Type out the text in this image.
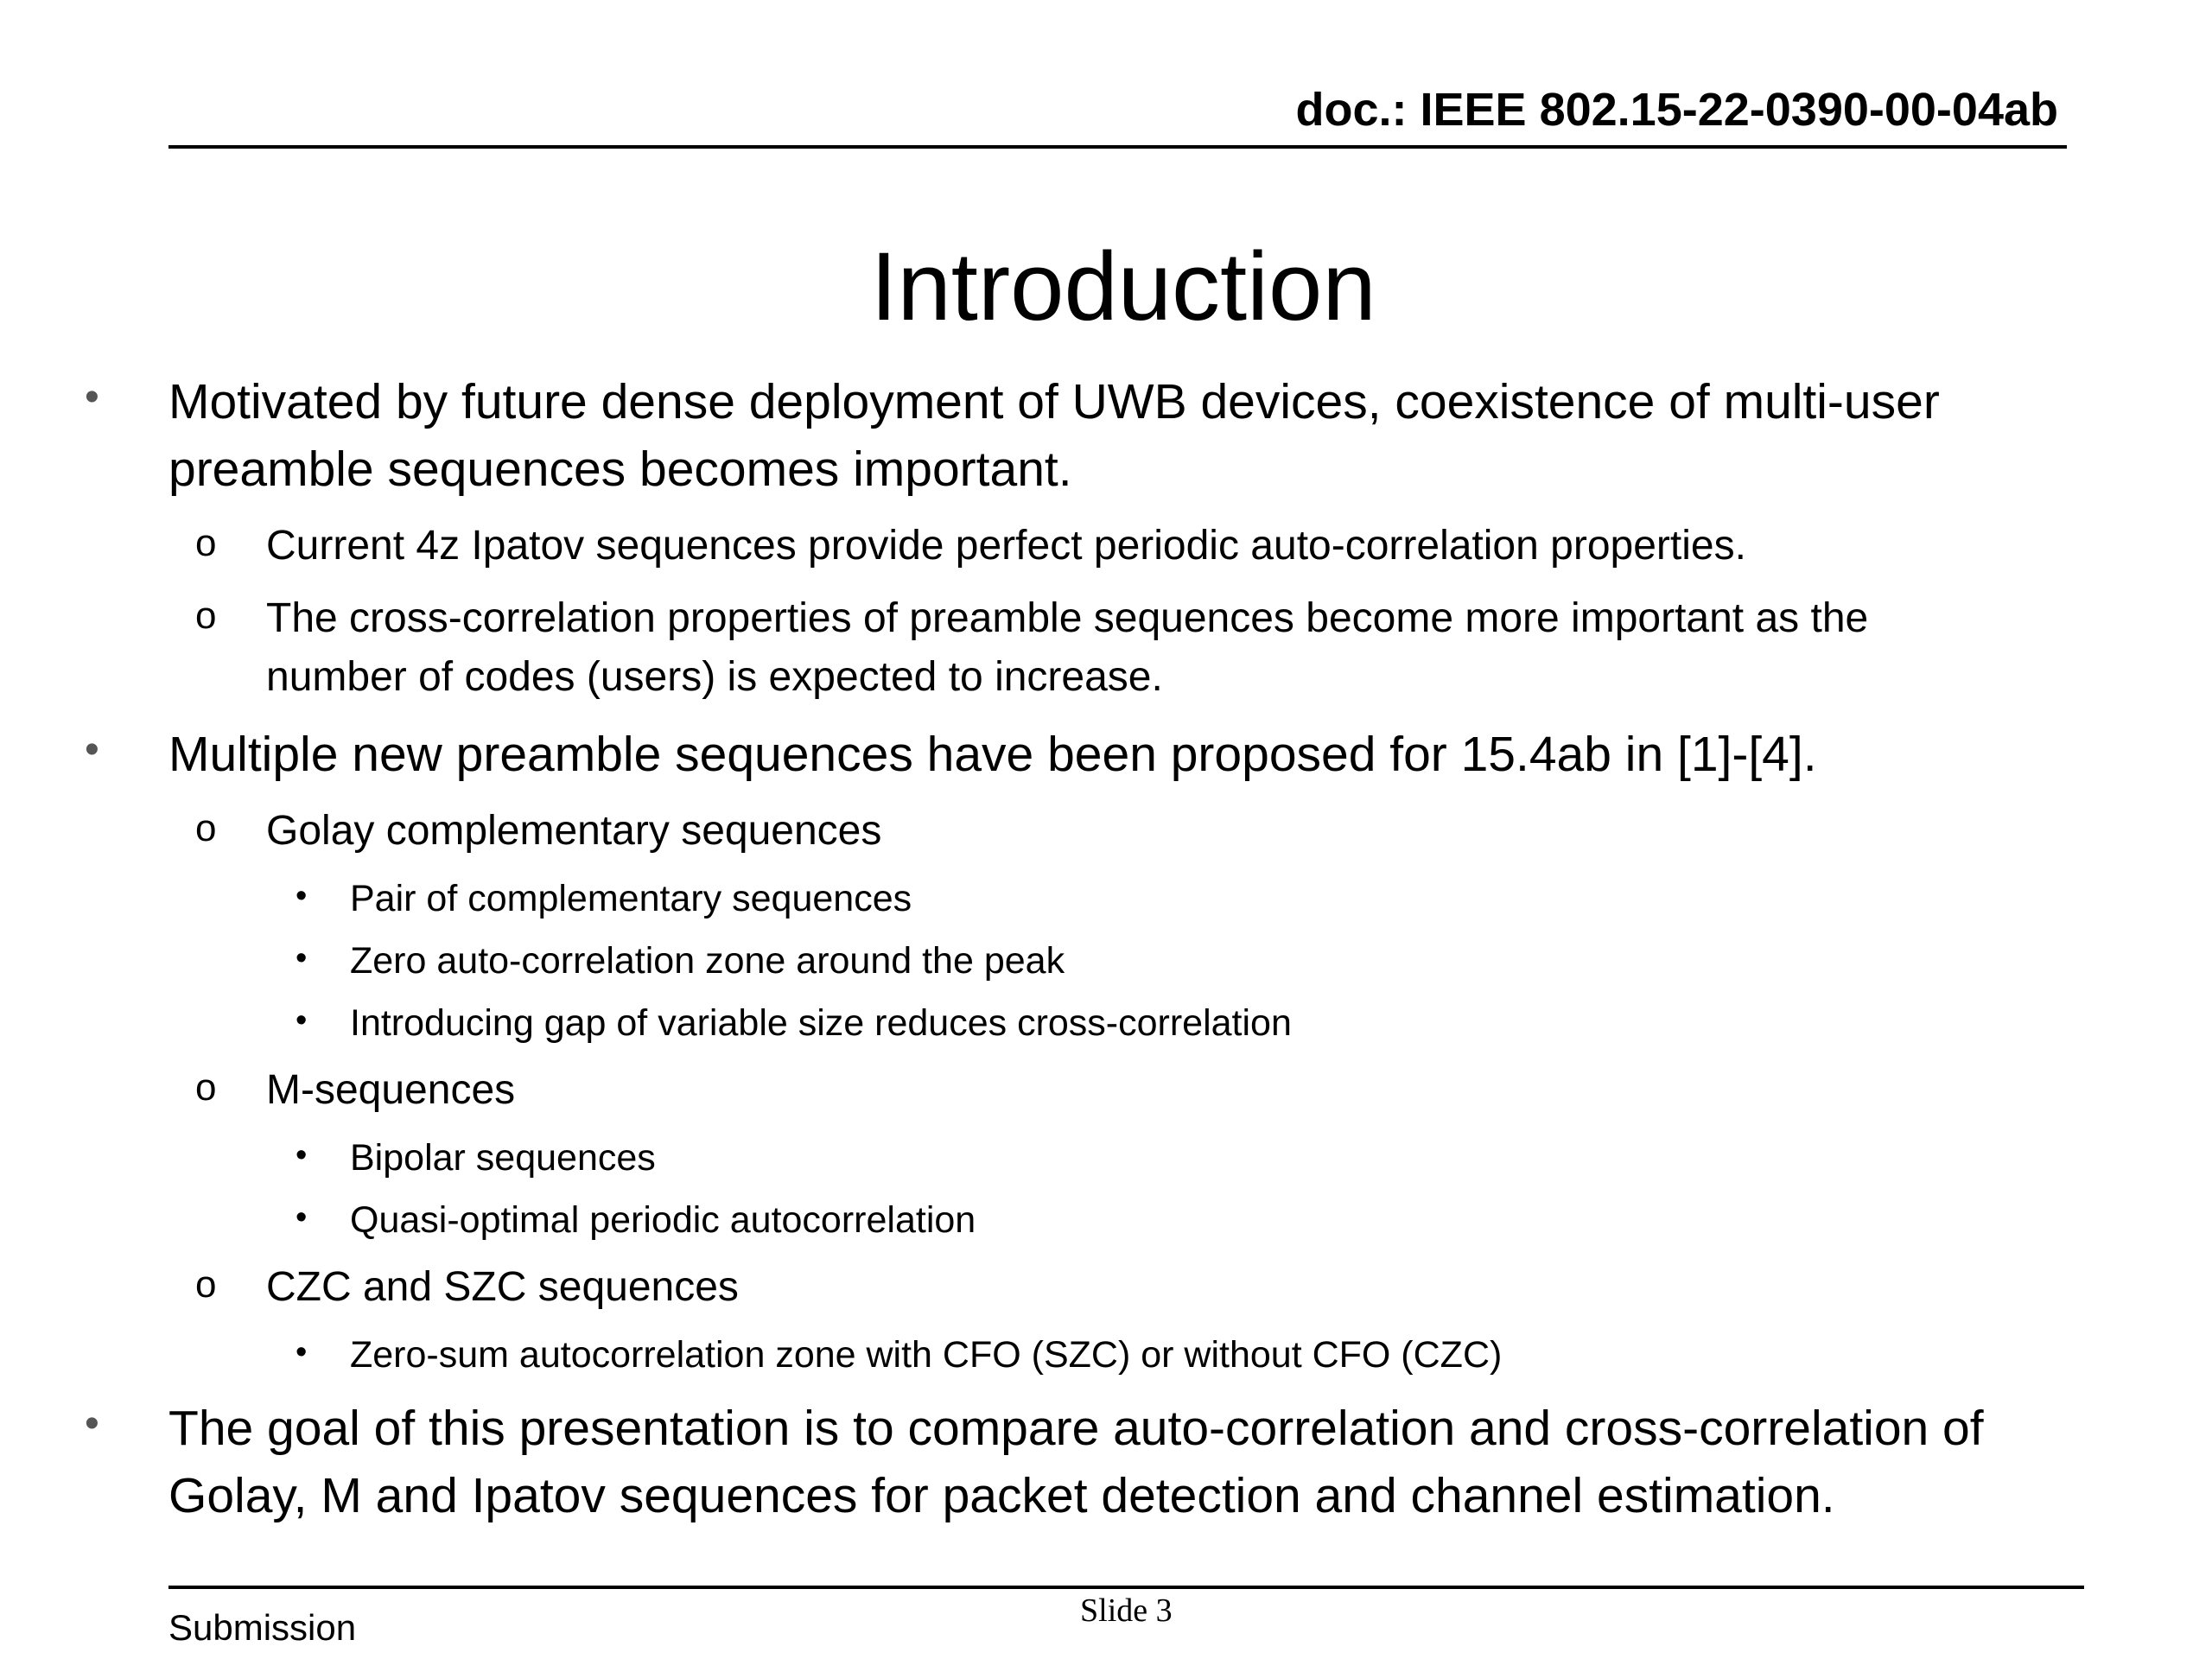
doc.: IEEE 802.15-22-0390-00-04ab
Introduction
• Motivated by future dense deployment of UWB devices, coexistence of multi-user
preamble sequences becomes important.
o Current 4z Ipatov sequences provide perfect periodic auto-correlation properties.
o The cross-correlation properties of preamble sequences become more important as the
number of codes (users) is expected to increase.
• Multiple new preamble sequences have been proposed for 15.4ab in [1]-[4].
o Golay complementary sequences
• Pair of complementary sequences
• Zero auto-correlation zone around the peak
• Introducing gap of variable size reduces cross-correlation
o M-sequences
• Bipolar sequences
• Quasi-optimal periodic autocorrelation
o CZC and SZC sequences
• Zero-sum autocorrelation zone with CFO (SZC) or without CFO (CZC)
• The goal of this presentation is to compare auto-correlation and cross-correlation of
Golay, M and Ipatov sequences for packet detection and channel estimation.
Submission	Slide 3
